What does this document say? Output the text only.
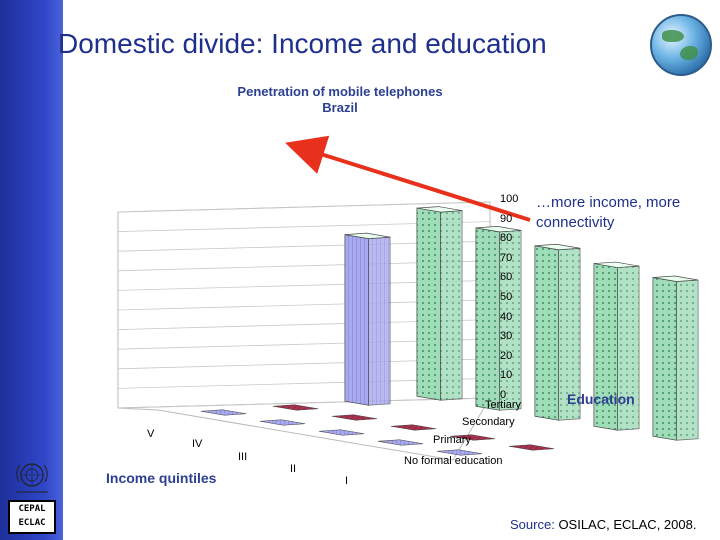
Domestic divide: Income and education
Penetration of mobile telephones
Brazil
0
10
20
30
40
50
60
70
80
90
100 …more income, more connectivity
Education
Income quintiles
Tertiary
Secondary
Primary
No formal education
V
IV
III
II
I
CEPAL
ECLAC	Source: OSILAC, ECLAC, 2008.
